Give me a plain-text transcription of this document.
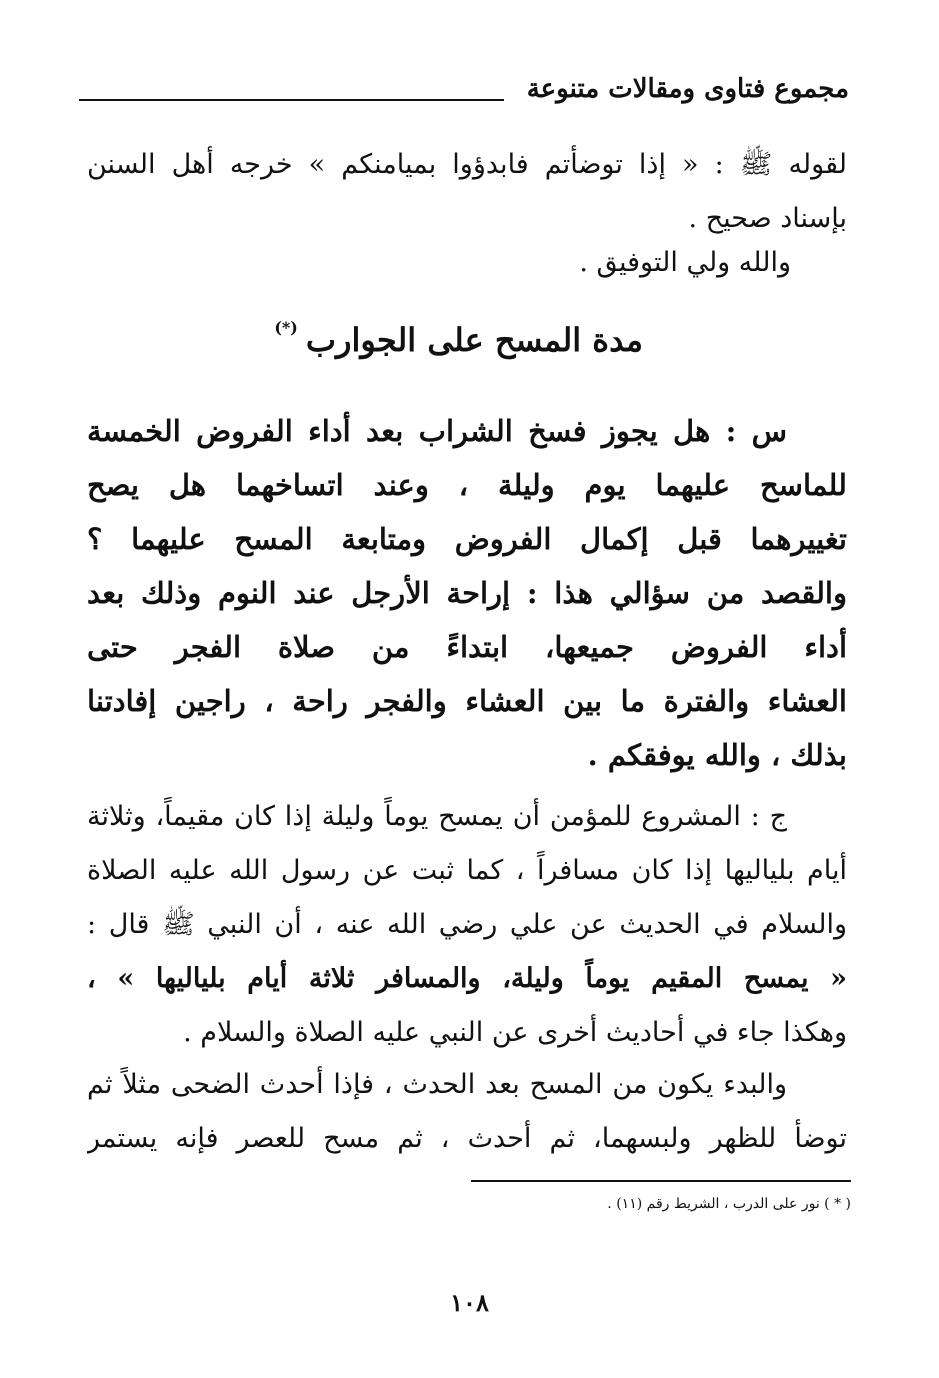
مجموع فتاوى ومقالات متنوعة
لقوله ﷺ : « إذا توضأتم فابدؤوا بميامنكم » خرجه أهل السنن
بإسناد صحيح .
والله ولي التوفيق .
مدة المسح على الجوارب(*)
س : هل يجوز فسخ الشراب بعد أداء الفروض الخمسة
للماسح عليهما يوم وليلة ، وعند اتساخهما هل يصح
تغييرهما قبل إكمال الفروض ومتابعة المسح عليهما ؟
والقصد من سؤالي هذا : إراحة الأرجل عند النوم وذلك بعد
أداء الفروض جميعها، ابتداءً من صلاة الفجر حتى
العشاء والفترة ما بين العشاء والفجر راحة ، راجين إفادتنا
بذلك ، والله يوفقكم .
ج : المشروع للمؤمن أن يمسح يوماً وليلة إذا كان مقيماً، وثلاثة
أيام بلياليها إذا كان مسافراً ، كما ثبت عن رسول الله عليه الصلاة
والسلام في الحديث عن علي رضي الله عنه ، أن النبي ﷺ قال :
« يمسح المقيم يوماً وليلة، والمسافر ثلاثة أيام بلياليها » ،
وهكذا جاء في أحاديث أخرى عن النبي عليه الصلاة والسلام .
والبدء يكون من المسح بعد الحدث ، فإذا أحدث الضحى مثلاً ثم
توضأ للظهر ولبسهما، ثم أحدث ، ثم مسح للعصر فإنه يستمر
( * ) نور على الدرب ، الشريط رقم (١١) .
١٠٨
